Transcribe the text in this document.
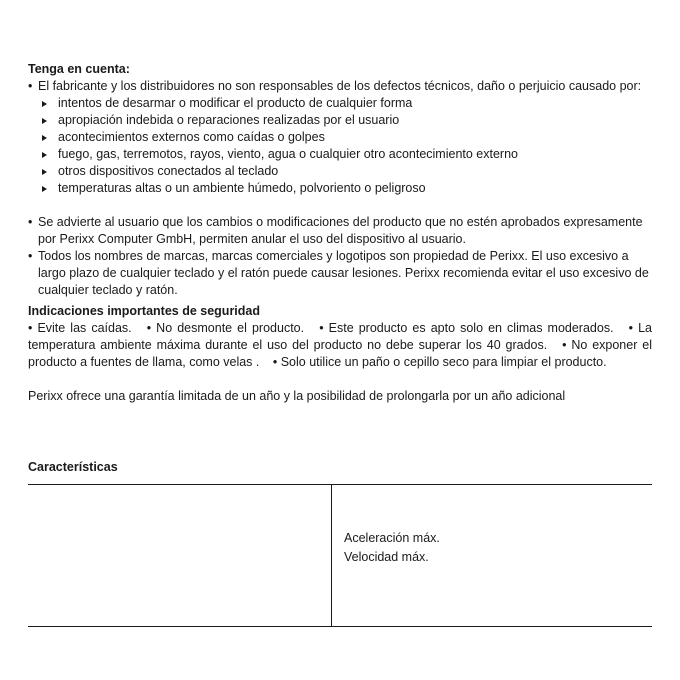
Tenga en cuenta:

• El fabricante y los distribuidores no son responsables de los defectos técnicos, daño o perjuicio causado por:

intentos de desarmar o modificar el producto de cualquier forma
apropiación indebida o reparaciones realizadas por el usuario
acontecimientos externos como caídas o golpes
fuego, gas, terremotos, rayos, viento, agua o cualquier otro acontecimiento externo
otros dispositivos conectados al teclado
temperaturas altas o un ambiente húmedo, polvoriento o peligroso

• Se advierte al usuario que los cambios o modificaciones del producto que no estén aprobados expresamente por Perixx Computer GmbH, permiten anular el uso del dispositivo al usuario.

• Todos los nombres de marcas, marcas comerciales y logotipos son propiedad de Perixx. El uso excesivo a largo plazo de cualquier teclado y el ratón puede causar lesiones. Perixx recomienda evitar el uso excesivo de cualquier teclado y ratón.

Indicaciones importantes de seguridad

• Evite las caídas. • No desmonte el producto. • Este producto es apto solo en climas moderados. • La temperatura ambiente máxima durante el uso del producto no debe superar los 40 grados. • No exponer el producto a fuentes de llama, como velas . • Solo utilice un paño o cepillo seco para limpiar el producto.

Perixx ofrece una garantía limitada de un año y la posibilidad de prolongarla por un año adicional

Características

Aceleración máx.
Velocidad máx.
